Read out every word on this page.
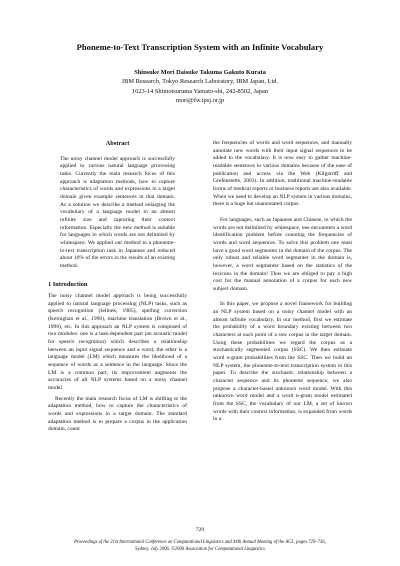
Phoneme-to-Text Transcription System with an Infinite Vocabulary
Shinsuke Mori Daisuke Takuma Gakuto Kurata
IBM Research, Tokyo Research Laboratory, IBM Japan, Ltd.
1623-14 Shimotsuruma Yamato-shi, 242-8502, Japan
mori@fw.ipsj.or.jp
Abstract

The noisy channel model approach is successfully applied to various natural language processing tasks. Currently the main research focus of this approach is adaptation methods, how to capture characteristics of words and expressions in a target domain given example sentences in that domain. As a solution we describe a method enlarging the vocabulary of a language model to an almost infinite size and capturing their context information. Especially the new method is suitable for languages in which words are not delimited by whitespace. We applied our method to a phoneme-to-text transcription task in Japanese and reduced about 10% of the errors in the results of an existing method.

1 Introduction

The noisy channel model approach is being successfully applied to natural language processing (NLP) tasks, such as speech recognition (Jelinek, 1985), spelling correction (Kernighan et al., 1990), machine translation (Brown et al., 1990), etc. In this approach an NLP system is composed of two modules: one is a task-dependent part (an acoustic model for speech recognition) which describes a relationship between an input signal sequence and a word, the other is a language model (LM) which measures the likelihood of a sequence of words as a sentence in the language. Since the LM is a common part, its improvement augments the accuracies of all NLP systems based on a noisy channel model.

Recently the main research focus of LM is shifting to the adaptation method, how to capture the characteristics of words and expressions in a target domain. The standard adaptation method is to prepare a corpus in the application domain, count

the frequencies of words and word sequences, and manually annotate new words with their input signal sequences to be added to the vocabulary. It is now easy to gather machine-readable sentences in various domains because of the ease of publication and access via the Web (Kilgarriff and Grefenstette, 2003). In addition, traditional machine-readable forms of medical reports or business reports are also available. When we need to develop an NLP system in various domains, there is a huge but unannotated corpus.

For languages, such as Japanese and Chinese, in which the words are not delimited by whitespace, one encounters a word identification problem before counting the frequencies of words and word sequences. To solve this problem one must have a good word segmenter in the domain of the corpus. The only robust and reliable word segmenter in the domain is, however, a word segmenter based on the statistics of the lexicons in the domain! Thus we are obliged to pay a high cost for the manual annotation of a corpus for each new subject domain.

In this paper, we propose a novel framework for building an NLP system based on a noisy channel model with an almost infinite vocabulary. In our method, first we estimate the probability of a word boundary existing between two characters at each point of a raw corpus in the target domain. Using these probabilities we regard the corpus as a stochastically segmented corpus (SSC). We then estimate word n-gram probabilities from the SSC. Then we build an NLP system, the phoneme-to-text transcription system in this paper. To describe the stochastic relationship between a character sequence and its phoneme sequence, we also propose a character-based unknown word model. With this unknown word model and a word n-gram model estimated from the SSC, the vocabulary of our LM, a set of known words with their context information, is expanded from words in a

729
Proceedings of the 21st International Conference on Computational Linguistics and 44th Annual Meeting of the ACL, pages 729–736,
Sydney, July 2006. ©2006 Association for Computational Linguistics
